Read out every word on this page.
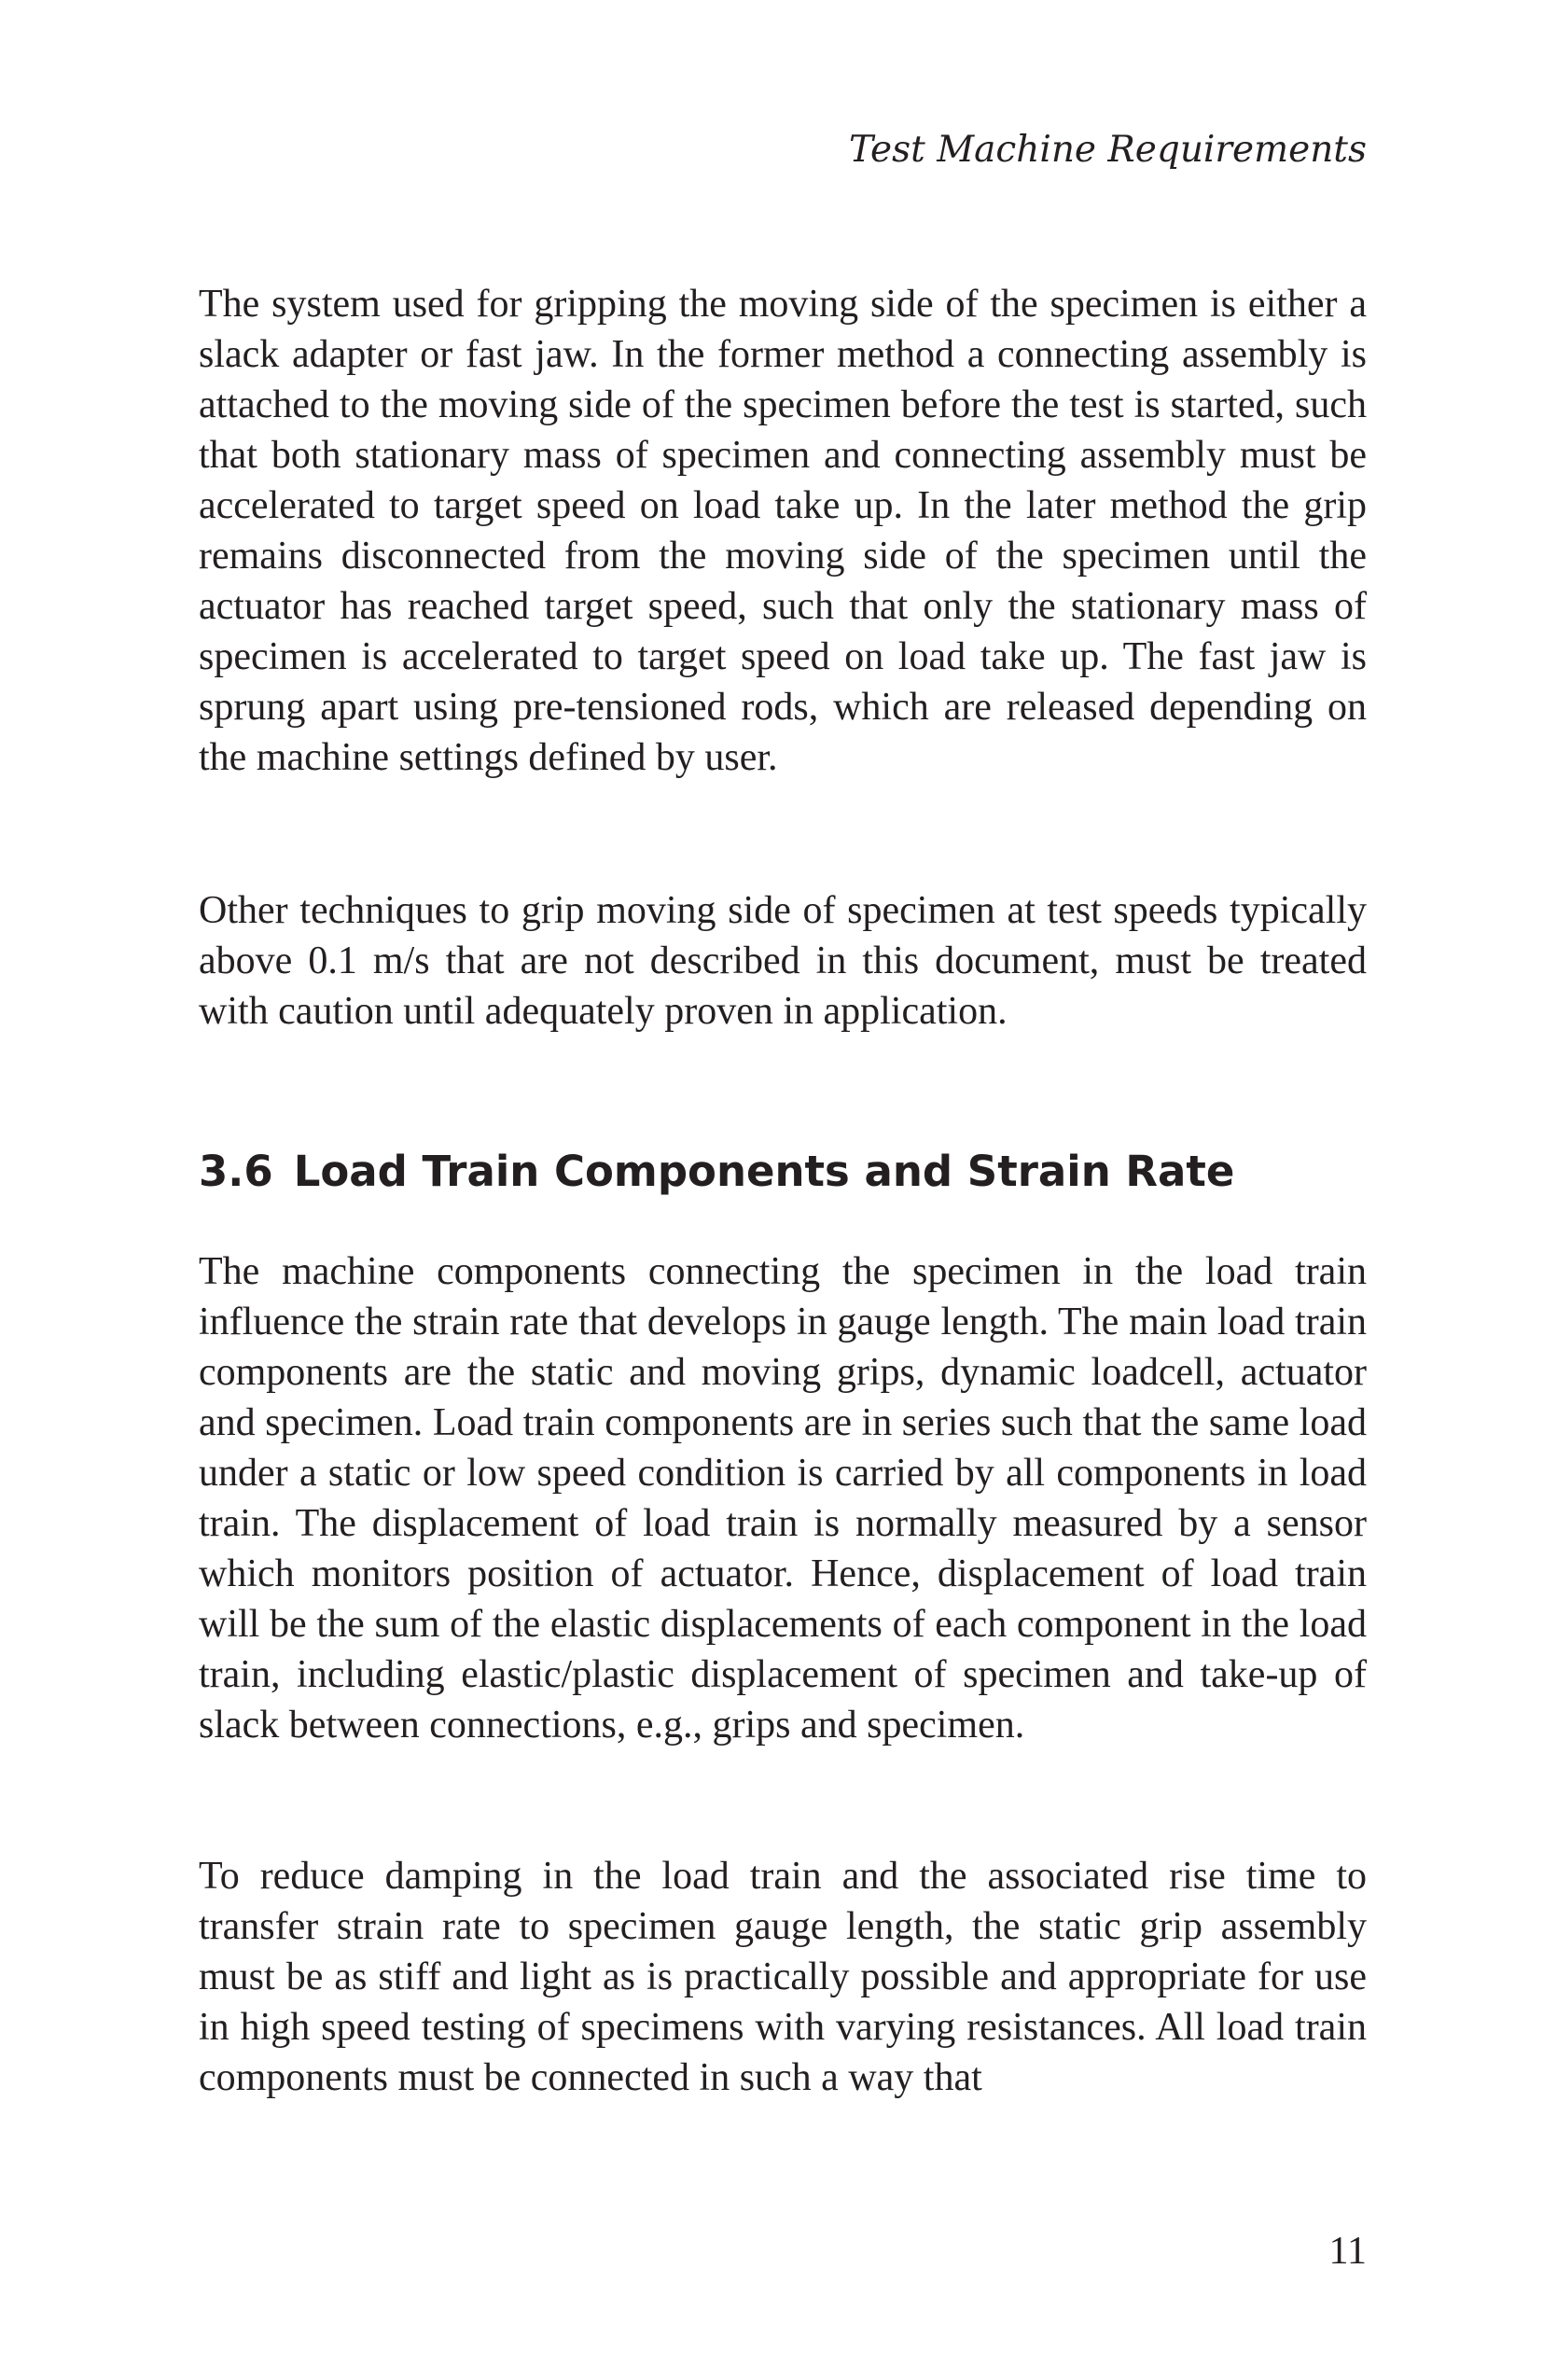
Test Machine Requirements

The system used for gripping the moving side of the specimen is either a slack adapter or fast jaw. In the former method a connecting assembly is attached to the moving side of the specimen before the test is started, such that both stationary mass of specimen and connecting assembly must be accelerated to target speed on load take up. In the later method the grip remains disconnected from the moving side of the specimen until the actuator has reached target speed, such that only the stationary mass of specimen is accelerated to target speed on load take up. The fast jaw is sprung apart using pre-tensioned rods, which are released depending on the machine settings defined by user.

Other techniques to grip moving side of specimen at test speeds typically above 0.1 m/s that are not described in this document, must be treated with caution until adequately proven in application.

3.6 Load Train Components and Strain Rate

The machine components connecting the specimen in the load train influence the strain rate that develops in gauge length. The main load train components are the static and moving grips, dynamic loadcell, actuator and specimen. Load train components are in series such that the same load under a static or low speed condition is carried by all components in load train. The displacement of load train is normally measured by a sensor which monitors position of actuator. Hence, displacement of load train will be the sum of the elastic displacements of each component in the load train, including elastic/plastic displacement of specimen and take-up of slack between connections, e.g., grips and specimen.

To reduce damping in the load train and the associated rise time to transfer strain rate to specimen gauge length, the static grip assembly must be as stiff and light as is practically possible and appropriate for use in high speed testing of specimens with varying resistances. All load train components must be connected in such a way that

11
